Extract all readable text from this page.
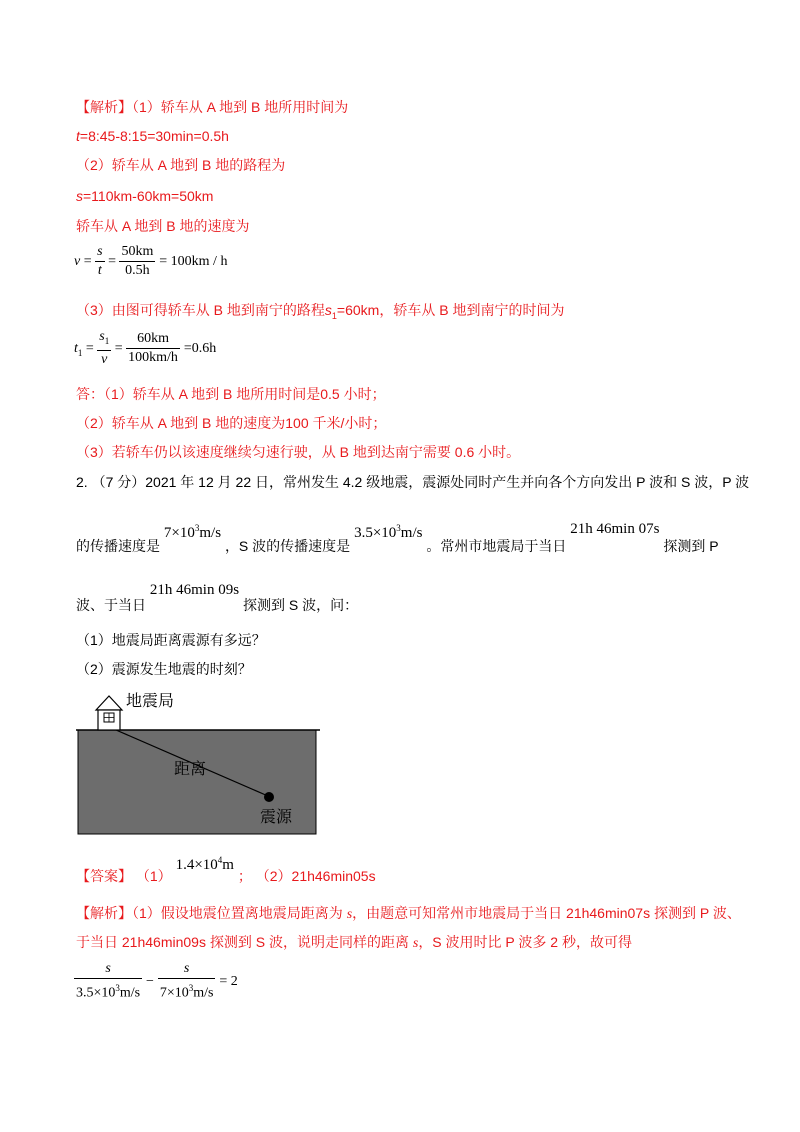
【解析】（1）轿车从 A 地到 B 地所用时间为
t=8:45-8:15=30min=0.5h
（2）轿车从 A 地到 B 地的路程为
s=110km-60km=50km
轿车从 A 地到 B 地的速度为
$v = \frac{s}{t} = \frac{50km}{0.5h} = 100km / h$
（3）由图可得轿车从 B 地到南宁的路程$s_1=60km$，轿车从 B 地到南宁的时间为
$t_1 = \frac{s_1}{v} = \frac{60km}{100km/h} =0.6h$
答：（1）轿车从 A 地到 B 地所用时间是0.5 小时；
（2）轿车从 A 地到 B 地的速度为100 千米/小时；
（3）若轿车仍以该速度继续匀速行驶，从 B 地到达南宁需要 0.6 小时。
2. （7 分）2021 年 12 月 22 日，常州发生 4.2 级地震，震源处同时产生并向各个方向发出 P 波和 S 波，P 波
的传播速度是 $7\times 10^3m/s$ ，S 波的传播速度是 $3.5\times 10^3m/s$ 。常州市地震局于当日 21h 46min 07s 探测到 P
波、于当日 21h 46min 09s 探测到 S 波，问：
（1）地震局距离震源有多远？
（2）震源发生地震的时刻？
地震局
距离
震源
【答案】 （1） $1.4\times 10^4m$ ； （2）21h46min05s
【解析】（1）假设地震位置离地震局距离为 s，由题意可知常州市地震局于当日 21h46min07s 探测到 P 波、
于当日 21h46min09s 探测到 S 波，说明走同样的距离 s，S 波用时比 P 波多 2 秒，故可得
$\frac{s}{3.5\times 10^3m/s} - \frac{s}{7\times 10^3m/s} = 2$
